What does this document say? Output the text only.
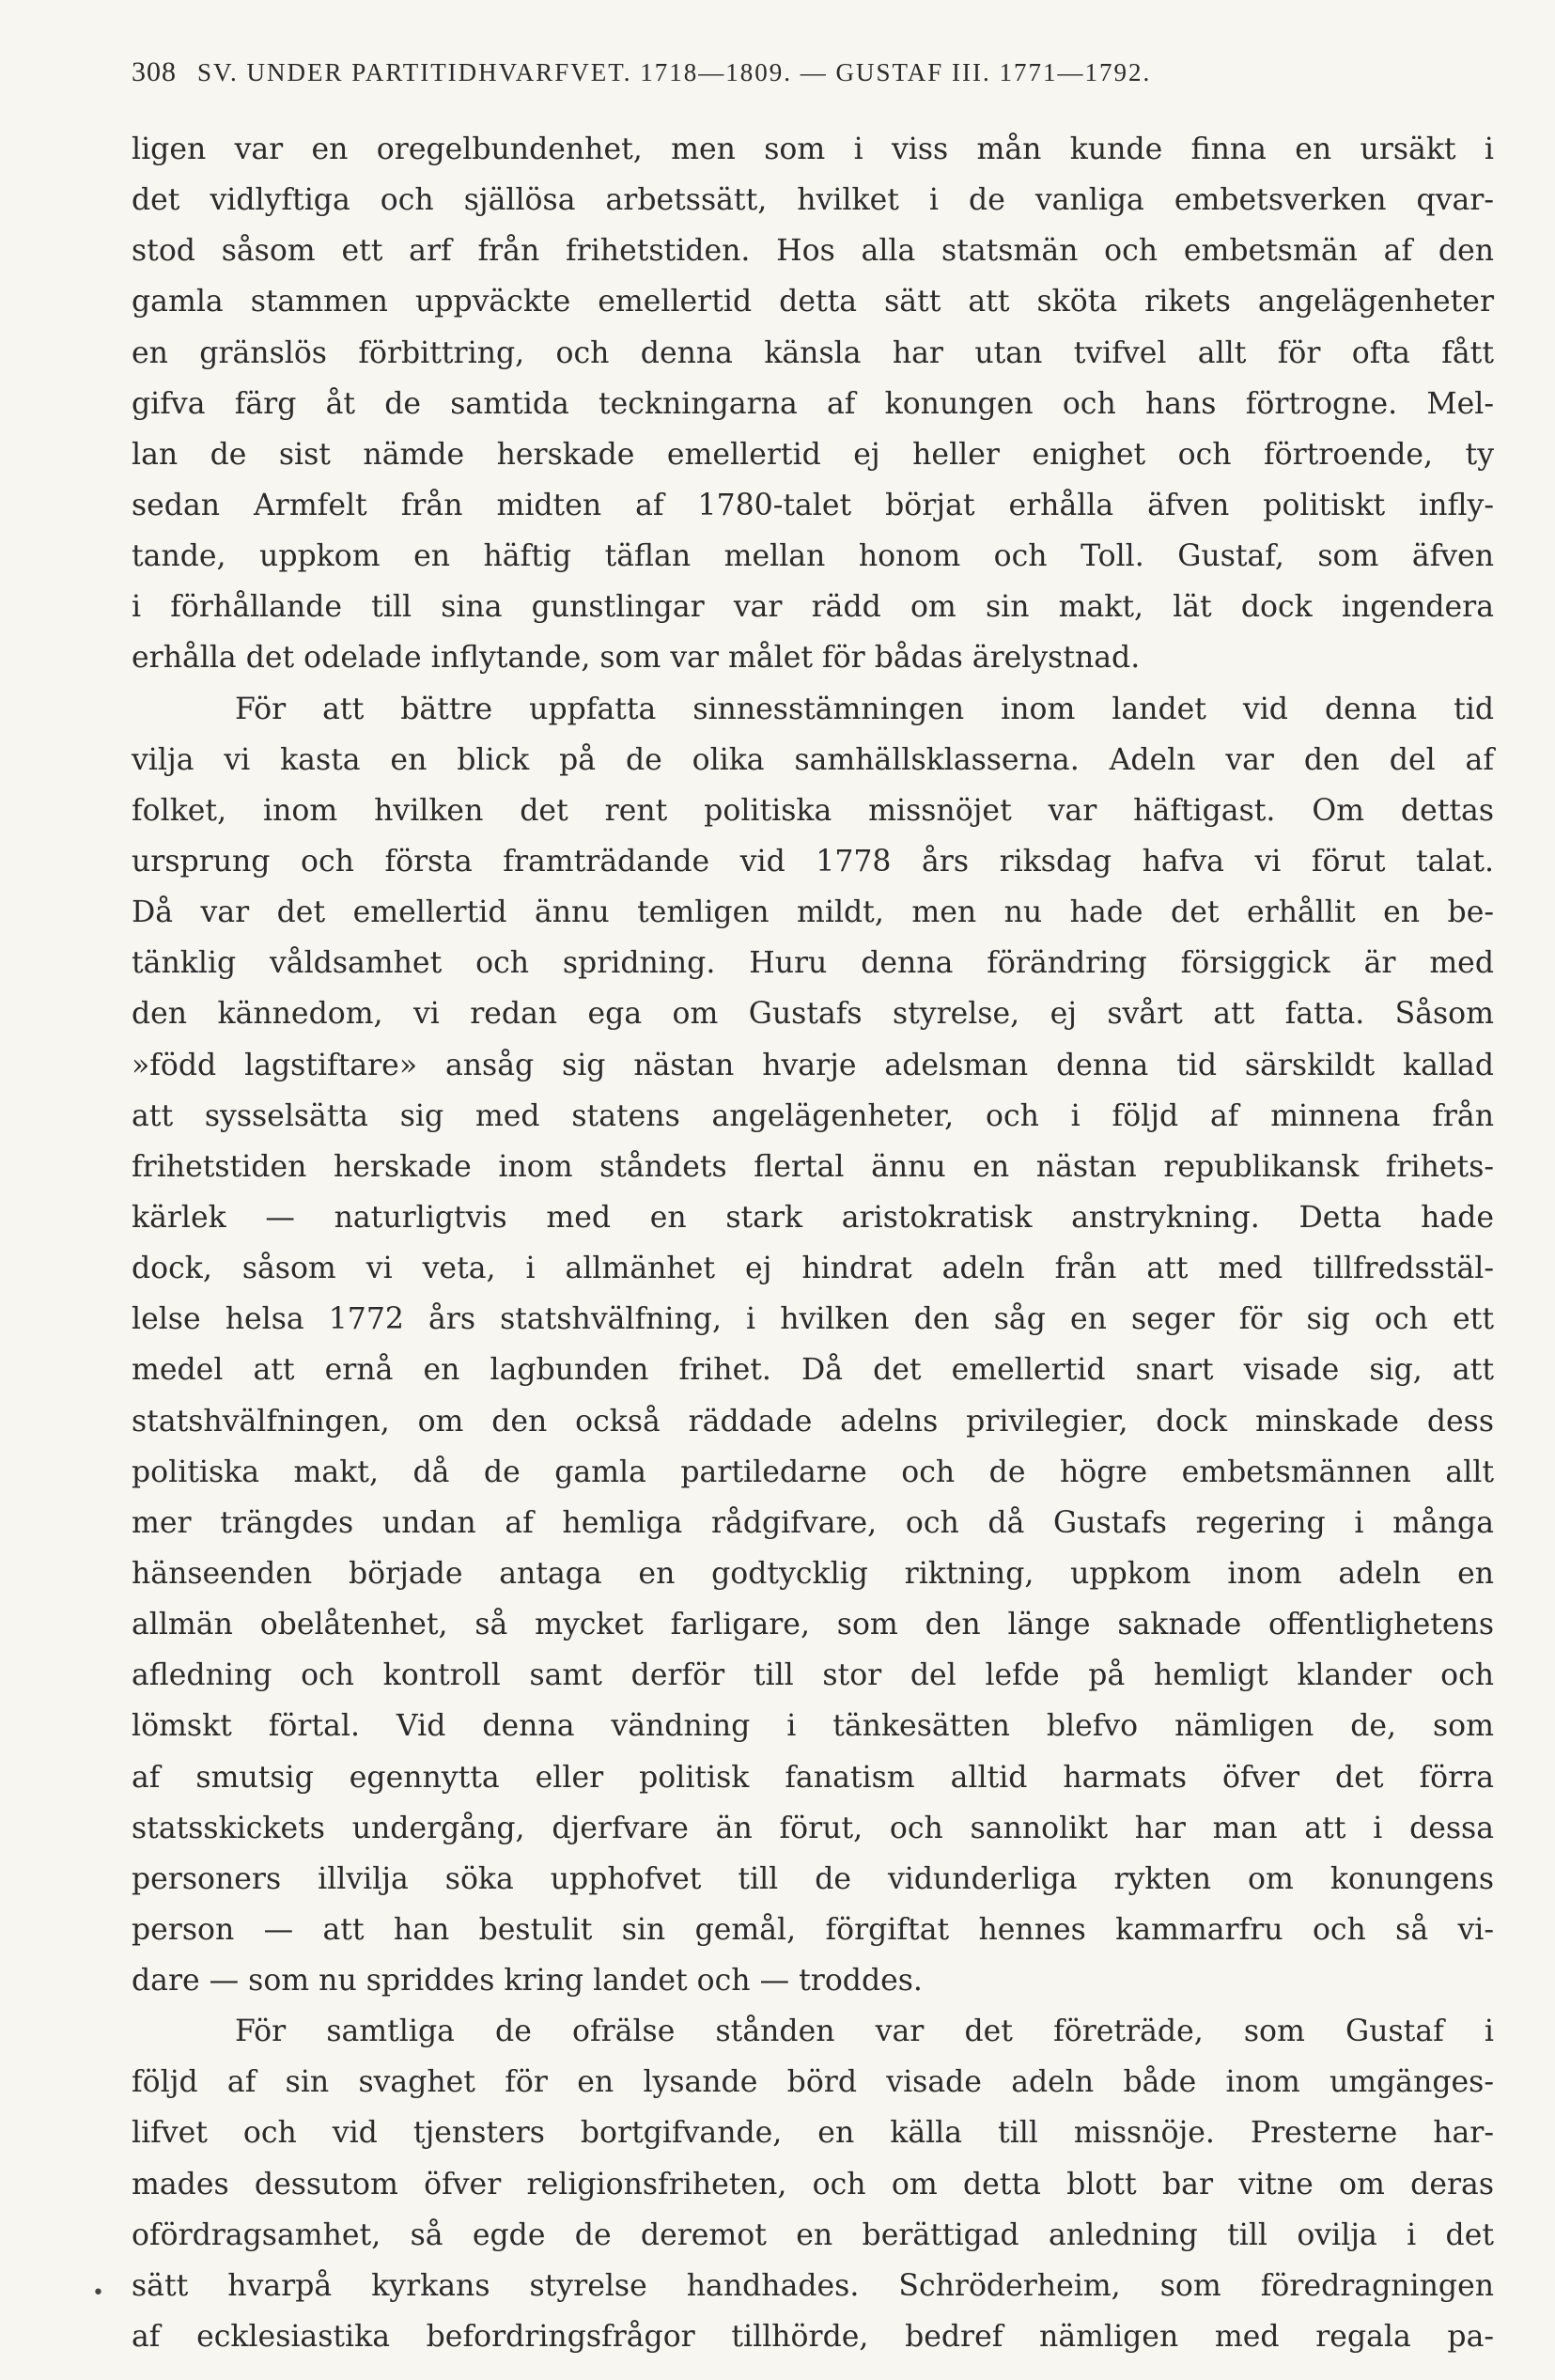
308 SV. UNDER PARTITIDHVARFVET. 1718—1809. — GUSTAF III. 1771—1792.
ligen var en oregelbundenhet, men som i viss mån kunde finna en ursäkt i
det vidlyftiga och själlösa arbetssätt, hvilket i de vanliga embetsverken qvar-
stod såsom ett arf från frihetstiden. Hos alla statsmän och embetsmän af den
gamla stammen uppväckte emellertid detta sätt att sköta rikets angelägenheter
en gränslös förbittring, och denna känsla har utan tvifvel allt för ofta fått
gifva färg åt de samtida teckningarna af konungen och hans förtrogne. Mel-
lan de sist nämde herskade emellertid ej heller enighet och förtroende, ty
sedan Armfelt från midten af 1780-talet börjat erhålla äfven politiskt infly-
tande, uppkom en häftig täflan mellan honom och Toll. Gustaf, som äfven
i förhållande till sina gunstlingar var rädd om sin makt, lät dock ingendera
erhålla det odelade inflytande, som var målet för bådas ärelystnad.
För att bättre uppfatta sinnesstämningen inom landet vid denna tid
vilja vi kasta en blick på de olika samhällsklasserna. Adeln var den del af
folket, inom hvilken det rent politiska missnöjet var häftigast. Om dettas
ursprung och första framträdande vid 1778 års riksdag hafva vi förut talat.
Då var det emellertid ännu temligen mildt, men nu hade det erhållit en be-
tänklig våldsamhet och spridning. Huru denna förändring försiggick är med
den kännedom, vi redan ega om Gustafs styrelse, ej svårt att fatta. Såsom
»född lagstiftare» ansåg sig nästan hvarje adelsman denna tid särskildt kallad
att sysselsätta sig med statens angelägenheter, och i följd af minnena från
frihetstiden herskade inom ståndets flertal ännu en nästan republikansk frihets-
kärlek — naturligtvis med en stark aristokratisk anstrykning. Detta hade
dock, såsom vi veta, i allmänhet ej hindrat adeln från att med tillfredsstäl-
lelse helsa 1772 års statshvälfning, i hvilken den såg en seger för sig och ett
medel att ernå en lagbunden frihet. Då det emellertid snart visade sig, att
statshvälfningen, om den också räddade adelns privilegier, dock minskade dess
politiska makt, då de gamla partiledarne och de högre embetsmännen allt
mer trängdes undan af hemliga rådgifvare, och då Gustafs regering i många
hänseenden började antaga en godtycklig riktning, uppkom inom adeln en
allmän obelåtenhet, så mycket farligare, som den länge saknade offentlighetens
afledning och kontroll samt derför till stor del lefde på hemligt klander och
lömskt förtal. Vid denna vändning i tänkesätten blefvo nämligen de, som
af smutsig egennytta eller politisk fanatism alltid harmats öfver det förra
statsskickets undergång, djerfvare än förut, och sannolikt har man att i dessa
personers illvilja söka upphofvet till de vidunderliga rykten om konungens
person — att han bestulit sin gemål, förgiftat hennes kammarfru och så vi-
dare — som nu spriddes kring landet och — troddes.
För samtliga de ofrälse stånden var det företräde, som Gustaf i
följd af sin svaghet för en lysande börd visade adeln både inom umgänges-
lifvet och vid tjensters bortgifvande, en källa till missnöje. Presterne har-
mades dessutom öfver religionsfriheten, och om detta blott bar vitne om deras
ofördragsamhet, så egde de deremot en berättigad anledning till ovilja i det
sätt hvarpå kyrkans styrelse handhades. Schröderheim, som föredragningen
af ecklesiastika befordringsfrågor tillhörde, bedref nämligen med regala pa-
•
